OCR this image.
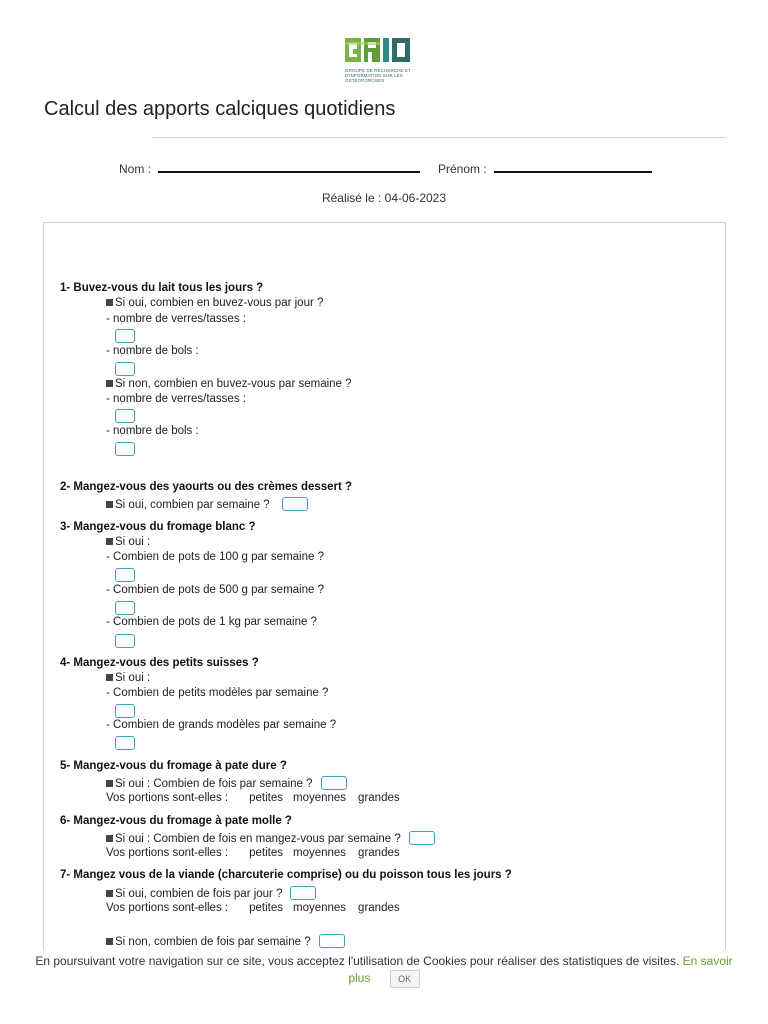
GROUPE DE RECHERCHE ET D'INFORMATION SUR LES OSTÉOPOROSES
Calcul des apports calciques quotidiens
Nom :	Prénom :
Réalisé le : 04-06-2023
1- Buvez-vous du lait tous les jours ?
Si oui, combien en buvez-vous par jour ?
- nombre de verres/tasses :
- nombre de bols :
Si non, combien en buvez-vous par semaine ?
- nombre de verres/tasses :
- nombre de bols :
2- Mangez-vous des yaourts ou des crèmes dessert ?
Si oui, combien par semaine ?
3- Mangez-vous du fromage blanc ?
Si oui :
- Combien de pots de 100 g par semaine ?
- Combien de pots de 500 g par semaine ?
- Combien de pots de 1 kg par semaine ?
4- Mangez-vous des petits suisses ?
Si oui :
- Combien de petits modèles par semaine ?
- Combien de grands modèles par semaine ?
5- Mangez-vous du fromage à pate dure ?
Si oui : Combien de fois par semaine ?
Vos portions sont-elles : petites moyennes grandes
6- Mangez-vous du fromage à pate molle ?
Si oui : Combien de fois en mangez-vous par semaine ?
Vos portions sont-elles : petites moyennes grandes
7- Mangez vous de la viande (charcuterie comprise) ou du poisson tous les jours ?
Si oui, combien de fois par jour ?
Vos portions sont-elles : petites moyennes grandes
Si non, combien de fois par semaine ?
En poursuivant votre navigation sur ce site, vous acceptez l'utilisation de Cookies pour réaliser des statistiques de visites. En savoir plus	OK
